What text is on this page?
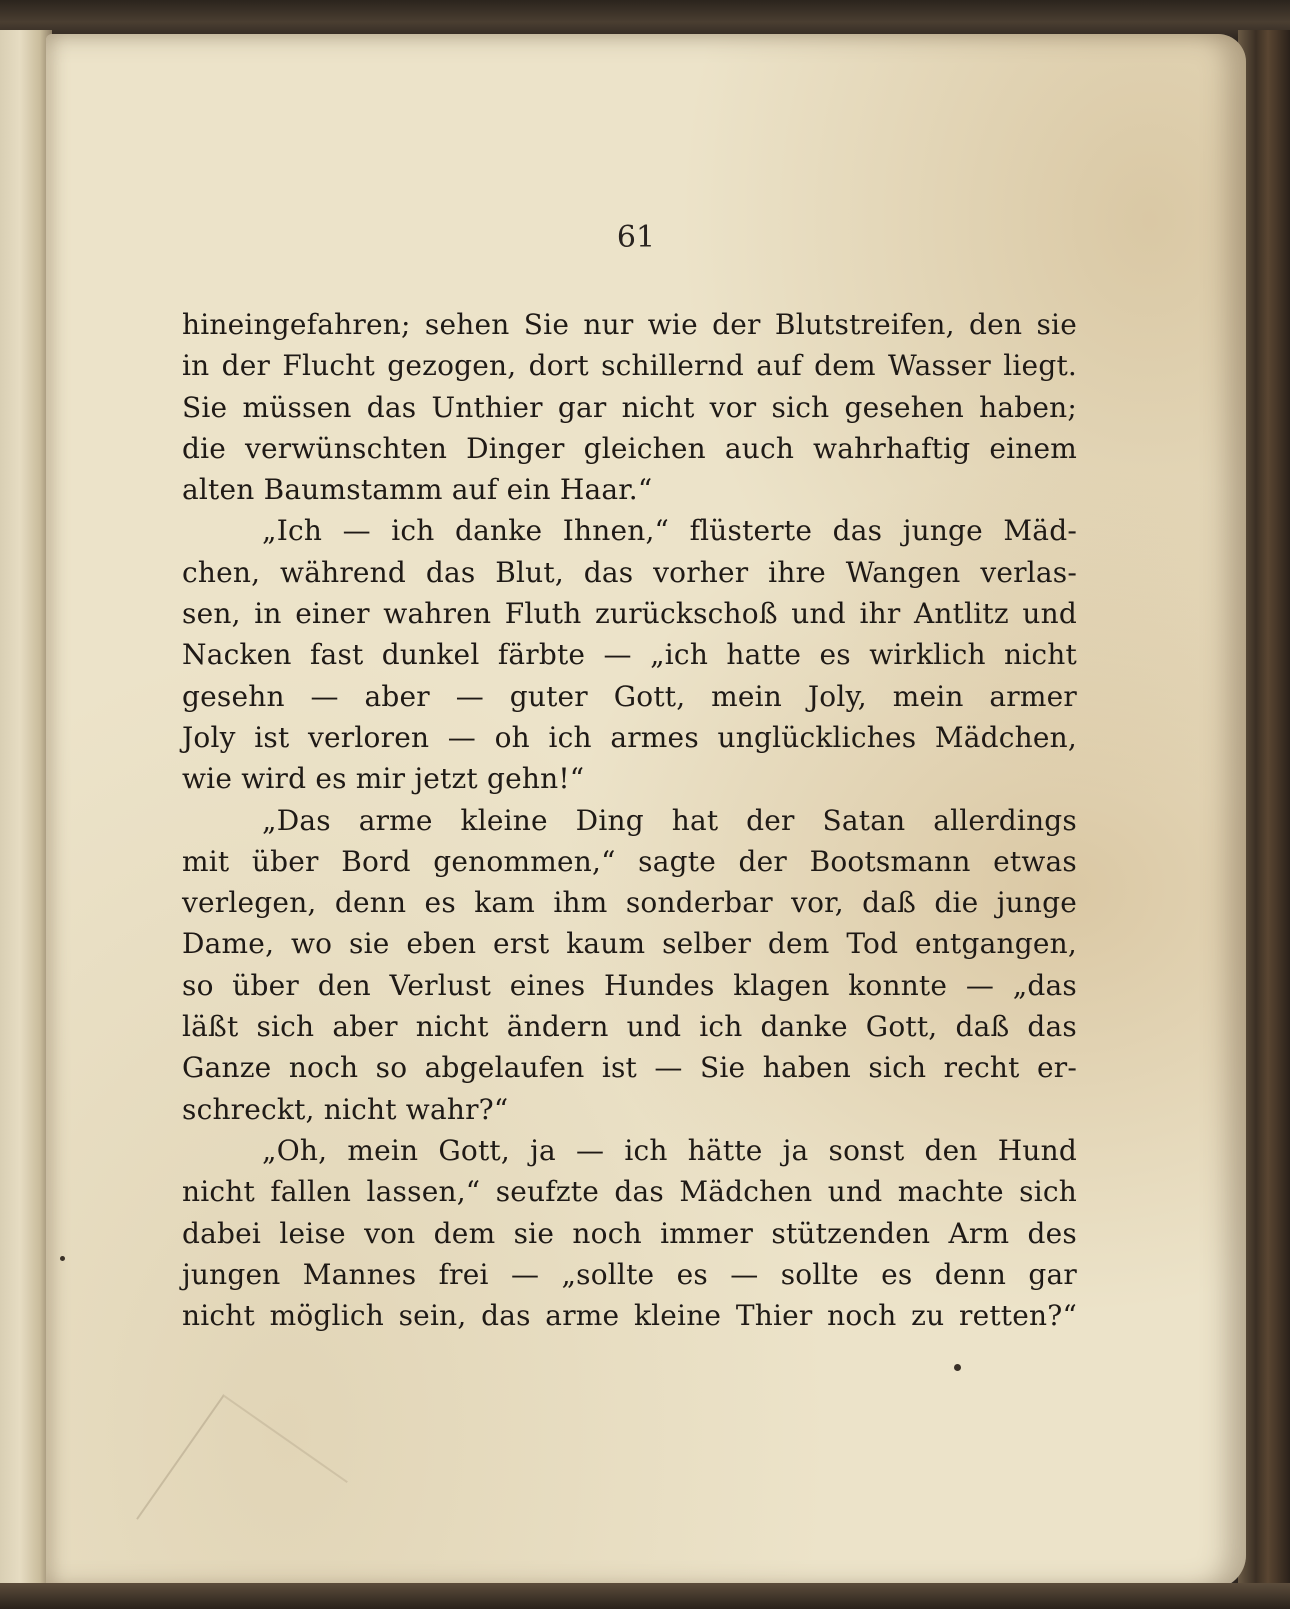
61
hineingefahren; sehen Sie nur wie der Blutstreifen, den sie
in der Flucht gezogen, dort schillernd auf dem Wasser liegt.
Sie müssen das Unthier gar nicht vor sich gesehen haben;
die verwünschten Dinger gleichen auch wahrhaftig einem
alten Baumstamm auf ein Haar.“
„Ich — ich danke Ihnen,“ flüsterte das junge Mäd-
chen, während das Blut, das vorher ihre Wangen verlas-
sen, in einer wahren Fluth zurückschoß und ihr Antlitz und
Nacken fast dunkel färbte — „ich hatte es wirklich nicht
gesehn — aber — guter Gott, mein Joly, mein armer
Joly ist verloren — oh ich armes unglückliches Mädchen,
wie wird es mir jetzt gehn!“
„Das arme kleine Ding hat der Satan allerdings
mit über Bord genommen,“ sagte der Bootsmann etwas
verlegen, denn es kam ihm sonderbar vor, daß die junge
Dame, wo sie eben erst kaum selber dem Tod entgangen,
so über den Verlust eines Hundes klagen konnte — „das
läßt sich aber nicht ändern und ich danke Gott, daß das
Ganze noch so abgelaufen ist — Sie haben sich recht er-
schreckt, nicht wahr?“
„Oh, mein Gott, ja — ich hätte ja sonst den Hund
nicht fallen lassen,“ seufzte das Mädchen und machte sich
dabei leise von dem sie noch immer stützenden Arm des
jungen Mannes frei — „sollte es — sollte es denn gar
nicht möglich sein, das arme kleine Thier noch zu retten?“
